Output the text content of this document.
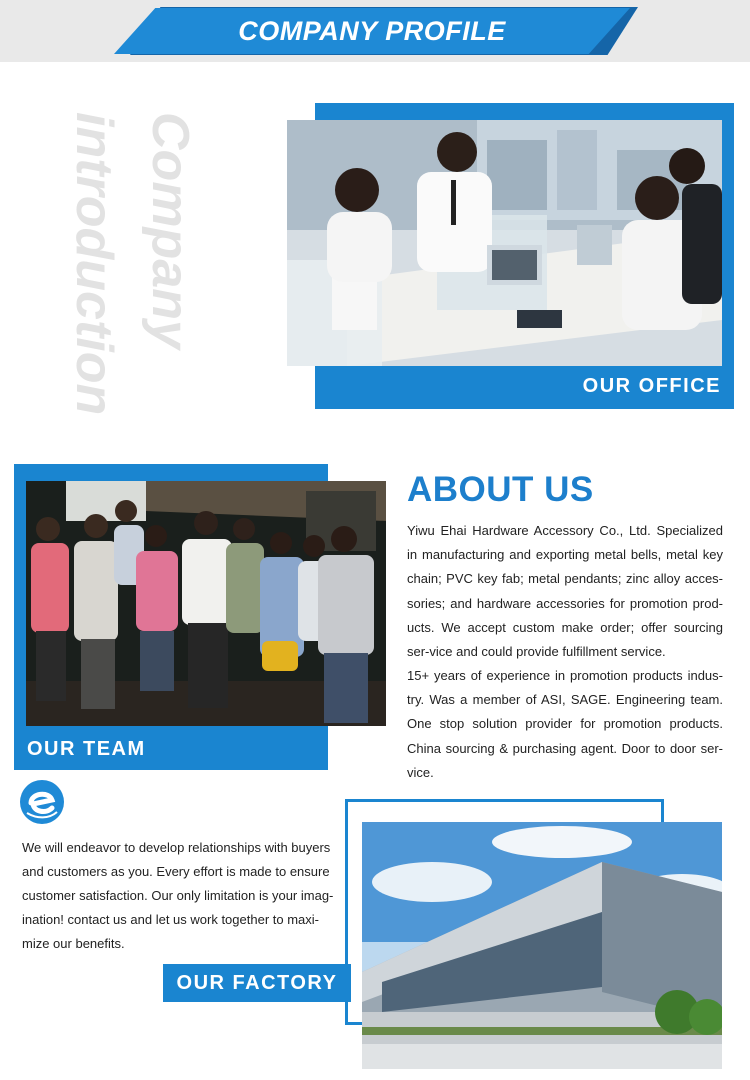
COMPANY PROFILE
Company
introduction	OUR OFFICE
OUR TEAM
ABOUT US
Yiwu Ehai Hardware Accessory Co., Ltd. Specialized in manufacturing and exporting metal bells, metal key chain; PVC key fab; metal pendants; zinc alloy acces-sories; and hardware accessories for promotion prod-ucts. We accept custom make order; offer sourcing ser-vice and could provide fulfillment service.
15+ years of experience in promotion products indus-try. Was a member of ASI, SAGE. Engineering team. One stop solution provider for promotion products. China sourcing & purchasing agent. Door to door ser-vice.
We will endeavor to develop relationships with buyers and customers as you. Every effort is made to ensure customer satisfaction. Our only limitation is your imag-ination! contact us and let us work together to maxi-mize our benefits.
OUR FACTORY
